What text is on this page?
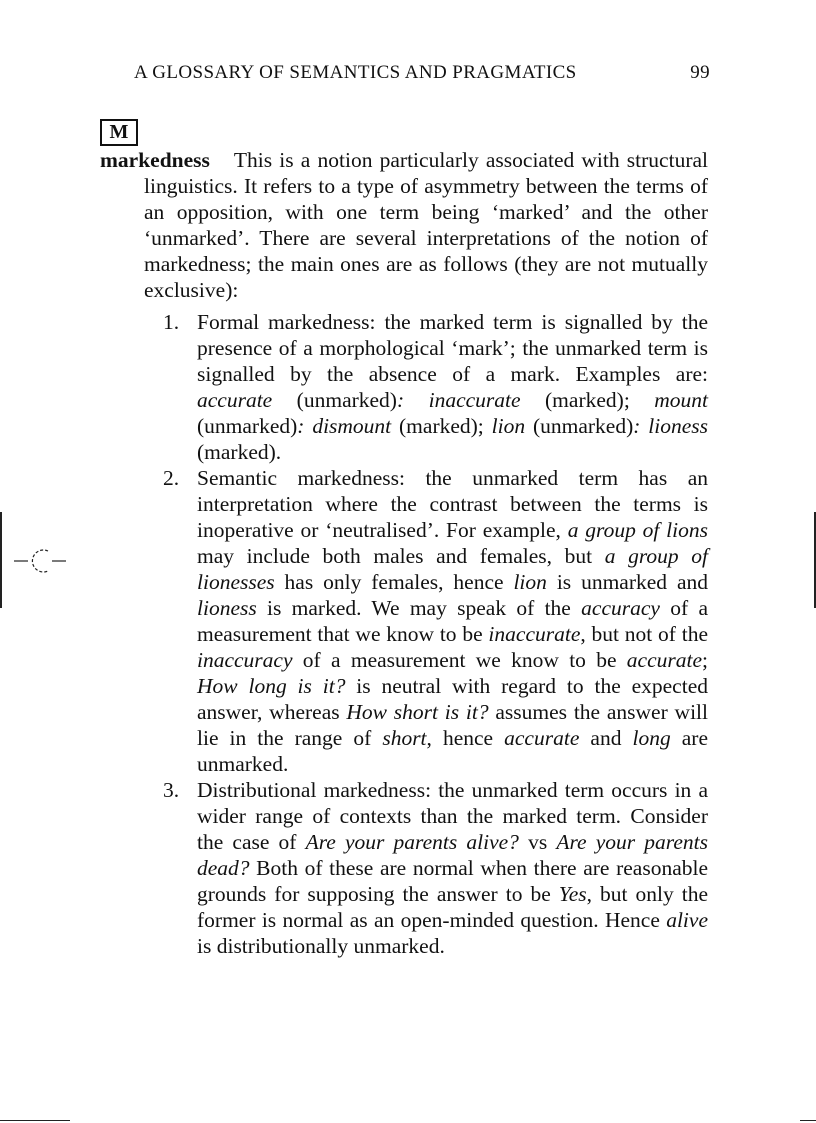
A GLOSSARY OF SEMANTICS AND PRAGMATICS	99
M

markedness This is a notion particularly associated with structural linguistics. It refers to a type of asymmetry between the terms of an opposition, with one term being ‘marked’ and the other ‘unmarked’. There are several interpretations of the notion of markedness; the main ones are as follows (they are not mutually exclusive):

1. Formal markedness: the marked term is signalled by the presence of a morphological ‘mark’; the unmarked term is signalled by the absence of a mark. Examples are: accurate (unmarked): inaccurate (marked); mount (unmarked): dismount (marked); lion (unmarked): lioness (marked).
2. Semantic markedness: the unmarked term has an interpretation where the contrast between the terms is inoperative or ‘neutralised’. For example, a group of lions may include both males and females, but a group of lionesses has only females, hence lion is unmarked and lioness is marked. We may speak of the accuracy of a measurement that we know to be inaccurate, but not of the inaccuracy of a measurement we know to be accurate; How long is it? is neutral with regard to the expected answer, whereas How short is it? assumes the answer will lie in the range of short, hence accurate and long are unmarked.
3. Distributional markedness: the unmarked term occurs in a wider range of contexts than the marked term. Consider the case of Are your parents alive? vs Are your parents dead? Both of these are normal when there are reasonable grounds for supposing the answer to be Yes, but only the former is normal as an open-minded question. Hence alive is distributionally unmarked.
